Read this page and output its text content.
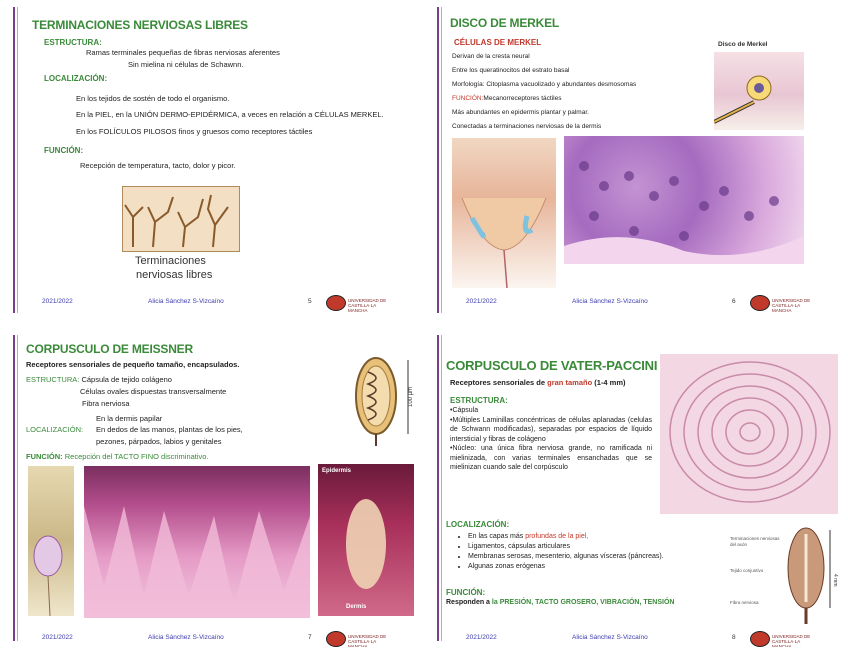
TERMINACIONES NERVIOSAS LIBRES
ESTRUCTURA:
Ramas terminales pequeñas de fibras nerviosas aferentes
Sin mielina ni células de Schawnn.
LOCALIZACIÓN:
En los tejidos de sostén de todo el organismo.
En la PIEL, en la UNIÓN DERMO-EPIDÉRMICA, a veces en relación a CÉLULAS MERKEL.
En los FOLÍCULOS PILOSOS finos y gruesos como receptores táctiles
FUNCIÓN:
Recepción de temperatura, tacto, dolor y picor.
Terminaciones
nerviosas libres
2021/2022	Alicia Sánchez S-Vizcaíno	5	UNIVERSIDAD DE CASTILLA·LA MANCHA
DISCO DE MERKEL
CÉLULAS DE MERKEL
Derivan de la cresta neural
Entre los queratinocitos del estrato basal
Morfología: Citoplasma vacuolizado y abundantes desmosomas
FUNCIÓN:Mecanorreceptores táctiles
Más abundantes en epidermis plantar y palmar.
Conectadas a terminaciones nerviosas de la dermis
Disco de Merkel
2021/2022	Alicia Sánchez S-Vizcaíno	6	UNIVERSIDAD DE CASTILLA·LA MANCHA
CORPUSCULO DE MEISSNER
Receptores sensoriales de pequeño tamaño, encapsulados.
ESTRUCTURA: Cápsula de tejido colágeno
Células ovales dispuestas transversalmente
Fibra nerviosa
En la dermis papilar
LOCALIZACIÓN: En dedos de las manos, plantas de los pies,
pezones, párpados, labios y genitales
FUNCIÓN: Recepción del TACTO FINO discriminativo.
100 µm
Epidermis
Dermis
2021/2022	Alicia Sánchez S-Vizcaíno	7	UNIVERSIDAD DE CASTILLA·LA MANCHA
CORPUSCULO DE VATER-PACCINI
Receptores sensoriales de gran tamaño (1-4 mm)
ESTRUCTURA:
•Cápsula
•Múltiples Laminillas concéntricas de células aplanadas (celulas de Schwann modificadas), separadas por espacios de líquido intersticial y fibras de colágeno
•Núcleo: una única fibra nerviosa grande, no ramificada ni mielinizada, con varias terminales ensanchadas que se mielinizan cuando sale del corpúsculo
LOCALIZACIÓN:
• En las capas más profundas de la piel,
• Ligamentos, cápsulas articulares
• Membranas serosas, mesenterio, algunas vísceras (páncreas).
• Algunas zonas erógenas
FUNCIÓN:
Responden a la PRESIÓN, TACTO GROSERO, VIBRACIÓN, TENSIÓN
4 mm
Terminaciones nerviosas del axón
Tejido conjuntivo
Fibra nerviosa
2021/2022	Alicia Sánchez S-Vizcaíno	8	UNIVERSIDAD DE CASTILLA·LA MANCHA
